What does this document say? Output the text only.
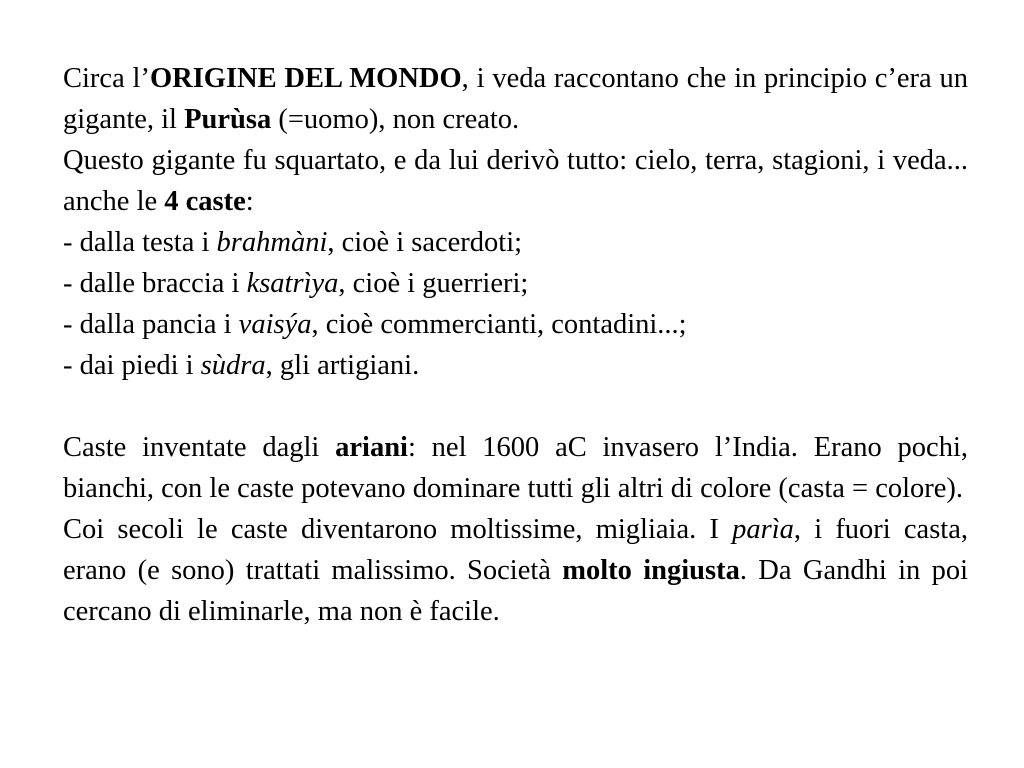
Circa l’ORIGINE DEL MONDO, i veda raccontano che in principio c’era un gigante, il Purùsa (=uomo), non creato.

Questo gigante fu squartato, e da lui derivò tutto: cielo, terra, stagioni, i veda... anche le 4 caste:

- dalla testa i brahmàni, cioè i sacerdoti;

- dalle braccia i ksatrìya, cioè i guerrieri;

- dalla pancia i vaisýa, cioè commercianti, contadini...;

- dai piedi i sùdra, gli artigiani.

Caste inventate dagli ariani: nel 1600 aC invasero l’India. Erano pochi, bianchi, con le caste potevano dominare tutti gli altri di colore (casta = colore).

Coi secoli le caste diventarono moltissime, migliaia. I parìa, i fuori casta, erano (e sono) trattati malissimo. Società molto ingiusta. Da Gandhi in poi cercano di eliminarle, ma non è facile.
